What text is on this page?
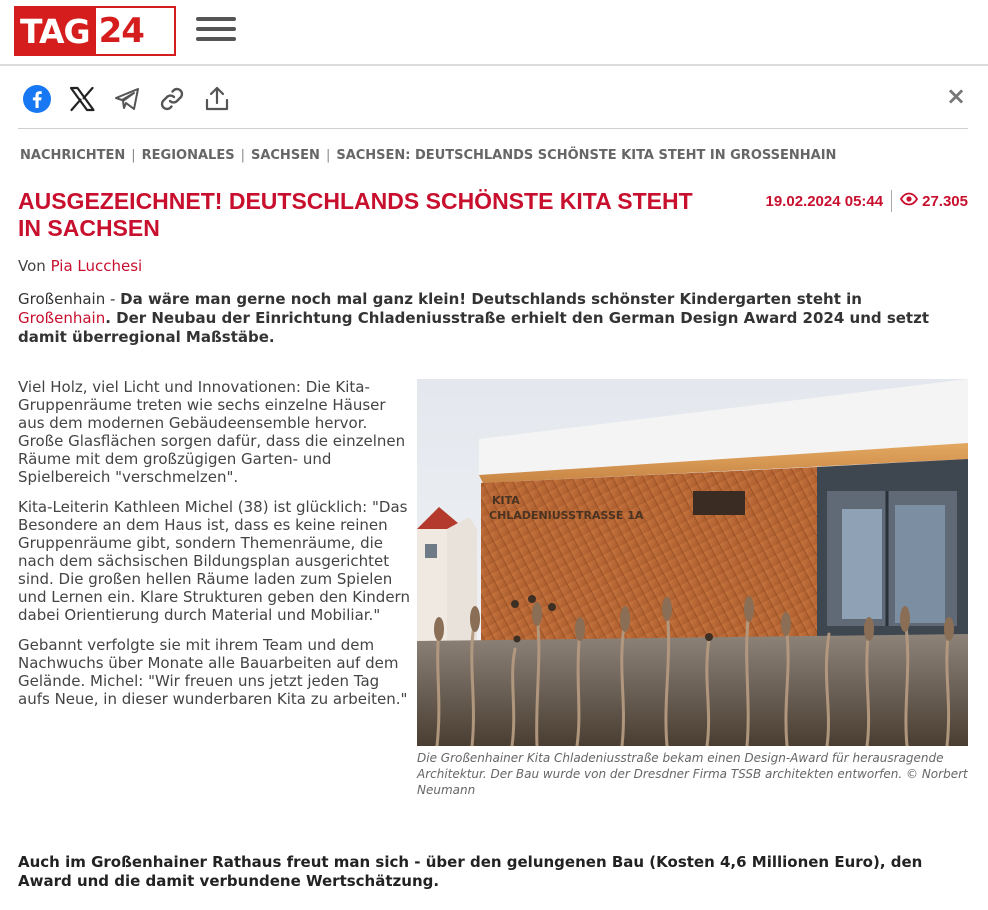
TAG 24
×
NACHRICHTEN | REGIONALES | SACHSEN | SACHSEN: DEUTSCHLANDS SCHÖNSTE KITA STEHT IN GROSSENHAIN
AUSGEZEICHNET! DEUTSCHLANDS SCHÖNSTE KITA STEHT IN SACHSEN
19.02.2024 05:44	27.305
Von Pia Lucchesi

Großenhain - Da wäre man gerne noch mal ganz klein! Deutschlands schönster Kindergarten steht in Großenhain. Der Neubau der Einrichtung Chladeniusstraße erhielt den German Design Award 2024 und setzt damit überregional Maßstäbe.

Viel Holz, viel Licht und Innovationen: Die Kita-Gruppenräume treten wie sechs einzelne Häuser aus dem modernen Gebäudeensemble hervor. Große Glasflächen sorgen dafür, dass die einzelnen Räume mit dem großzügigen Garten- und Spielbereich "verschmelzen".

Kita-Leiterin Kathleen Michel (38) ist glücklich: "Das Besondere an dem Haus ist, dass es keine reinen Gruppenräume gibt, sondern Themenräume, die nach dem sächsischen Bildungsplan ausgerichtet sind. Die großen hellen Räume laden zum Spielen und Lernen ein. Klare Strukturen geben den Kindern dabei Orientierung durch Material und Mobiliar."

Gebannt verfolgte sie mit ihrem Team und dem Nachwuchs über Monate alle Bauarbeiten auf dem Gelände. Michel: "Wir freuen uns jetzt jeden Tag aufs Neue, in dieser wunderbaren Kita zu arbeiten."

KITA
CHLADENIUSSTRASSE 1A
Die Großenhainer Kita Chladeniusstraße bekam einen Design-Award für herausragende Architektur. Der Bau wurde von der Dresdner Firma TSSB architekten entworfen. © Norbert Neumann

Auch im Großenhainer Rathaus freut man sich - über den gelungenen Bau (Kosten 4,6 Millionen Euro), den Award und die damit verbundene Wertschätzung.
